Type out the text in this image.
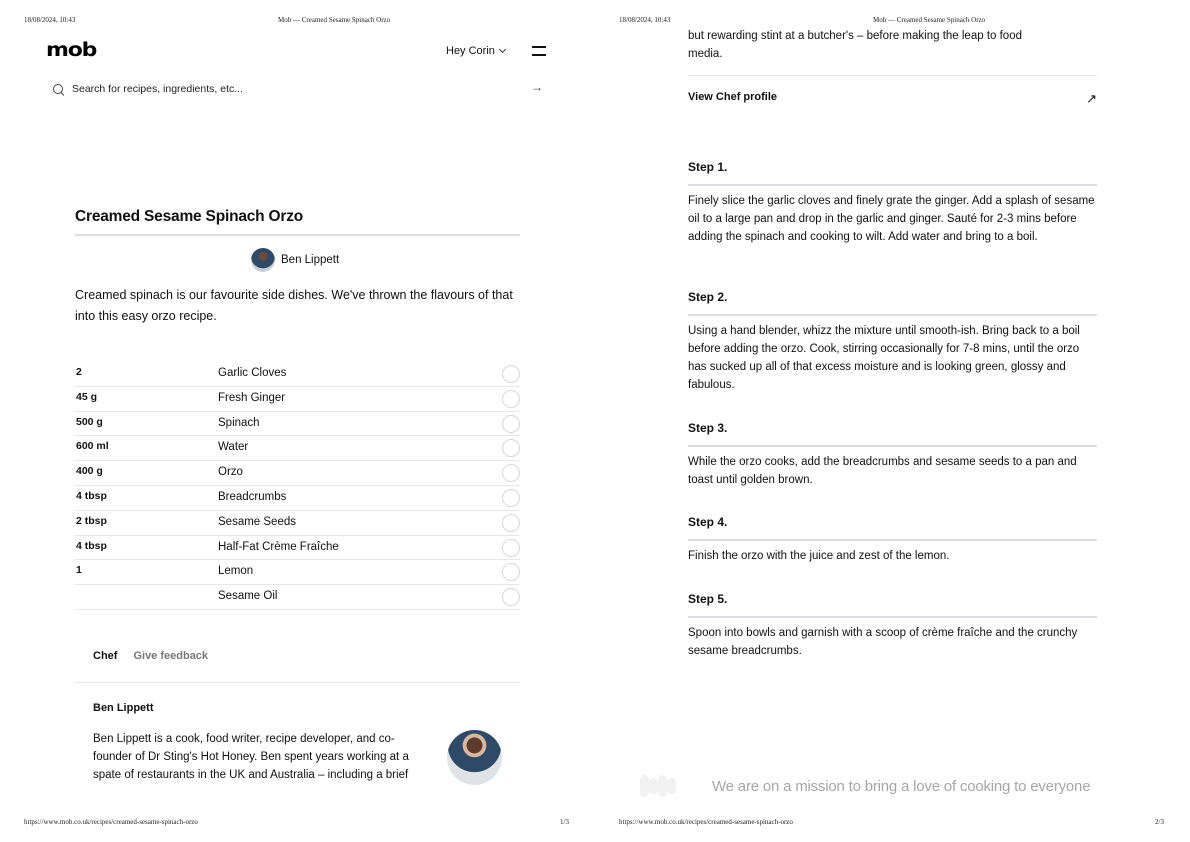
18/08/2024, 10:43	Mob — Creamed Sesame Spinach Orzo
mob	Hey Corin
Search for recipes, ingredients, etc...
→
Creamed Sesame Spinach Orzo
Ben Lippett
Creamed spinach is our favourite side dishes. We've thrown the flavours of that into this easy orzo recipe.
2	Garlic Cloves
45 g	Fresh Ginger
500 g	Spinach
600 ml	Water
400 g	Orzo
4 tbsp	Breadcrumbs
2 tbsp	Sesame Seeds
4 tbsp	Half-Fat Crème Fraîche
1	Lemon
Sesame Oil
Chef Give feedback
Ben Lippett
Ben Lippett is a cook, food writer, recipe developer, and co-founder of Dr Sting's Hot Honey. Ben spent years working at a spate of restaurants in the UK and Australia – including a brief
https://www.mob.co.uk/recipes/creamed-sesame-spinach-orzo	1/3
18/08/2024, 10:43	Mob — Creamed Sesame Spinach Orzo
but rewarding stint at a butcher's – before making the leap to food media.
View Chef profile	↗
Step 1.
Finely slice the garlic cloves and finely grate the ginger. Add a splash of sesame oil to a large pan and drop in the garlic and ginger. Sauté for 2-3 mins before adding the spinach and cooking to wilt. Add water and bring to a boil.
Step 2.
Using a hand blender, whizz the mixture until smooth-ish. Bring back to a boil before adding the orzo. Cook, stirring occasionally for 7-8 mins, until the orzo has sucked up all of that excess moisture and is looking green, glossy and fabulous.
Step 3.
While the orzo cooks, add the breadcrumbs and sesame seeds to a pan and toast until golden brown.
Step 4.
Finish the orzo with the juice and zest of the lemon.
Step 5.
Spoon into bowls and garnish with a scoop of crème fraîche and the crunchy sesame breadcrumbs.
We are on a mission to bring a love of cooking to everyone
https://www.mob.co.uk/recipes/creamed-sesame-spinach-orzo	2/3
